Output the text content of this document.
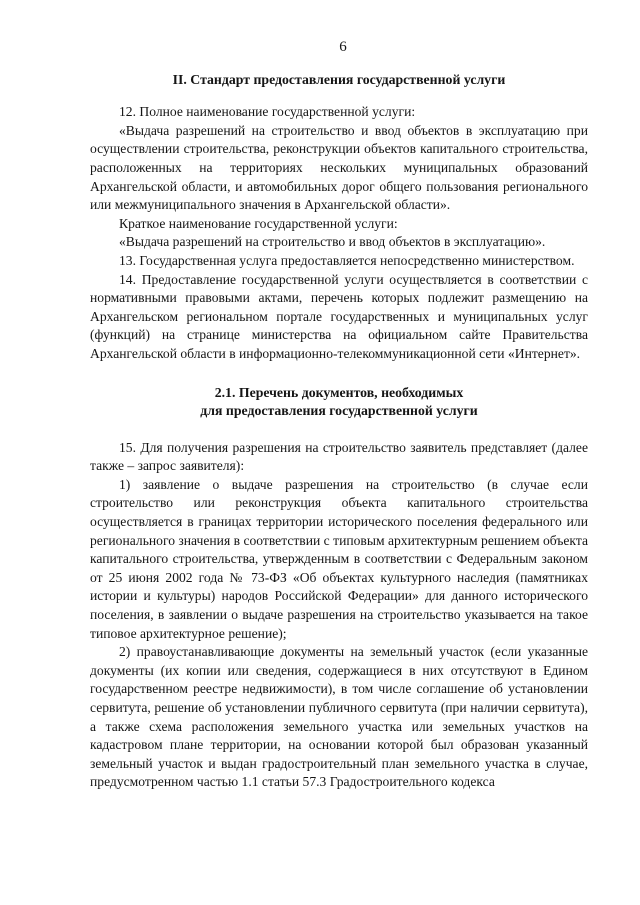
6
II. Стандарт предоставления государственной услуги

12. Полное наименование государственной услуги:

«Выдача разрешений на строительство и ввод объектов в эксплуатацию при осуществлении строительства, реконструкции объектов капитального строительства, расположенных на территориях нескольких муниципальных образований Архангельской области, и автомобильных дорог общего пользования регионального или межмуниципального значения в Архангельской области».

Краткое наименование государственной услуги:

«Выдача разрешений на строительство и ввод объектов в эксплуатацию».

13. Государственная услуга предоставляется непосредственно министерством.

14. Предоставление государственной услуги осуществляется в соответствии с нормативными правовыми актами, перечень которых подлежит размещению на Архангельском региональном портале государственных и муниципальных услуг (функций) на странице министерства на официальном сайте Правительства Архангельской области в информационно-телекоммуникационной сети «Интернет».

2.1. Перечень документов, необходимых
для предоставления государственной услуги

15. Для получения разрешения на строительство заявитель представляет (далее также – запрос заявителя):

1) заявление о выдаче разрешения на строительство (в случае если строительство или реконструкция объекта капитального строительства осуществляется в границах территории исторического поселения федерального или регионального значения в соответствии с типовым архитектурным решением объекта капитального строительства, утвержденным в соответствии с Федеральным законом от 25 июня 2002 года № 73-ФЗ «Об объектах культурного наследия (памятниках истории и культуры) народов Российской Федерации» для данного исторического поселения, в заявлении о выдаче разрешения на строительство указывается на такое типовое архитектурное решение);

2) правоустанавливающие документы на земельный участок (если указанные документы (их копии или сведения, содержащиеся в них отсутствуют в Едином государственном реестре недвижимости), в том числе соглашение об установлении сервитута, решение об установлении публичного сервитута (при наличии сервитута), а также схема расположения земельного участка или земельных участков на кадастровом плане территории, на основании которой был образован указанный земельный участок и выдан градостроительный план земельного участка в случае, предусмотренном частью 1.1 статьи 57.3 Градостроительного кодекса
